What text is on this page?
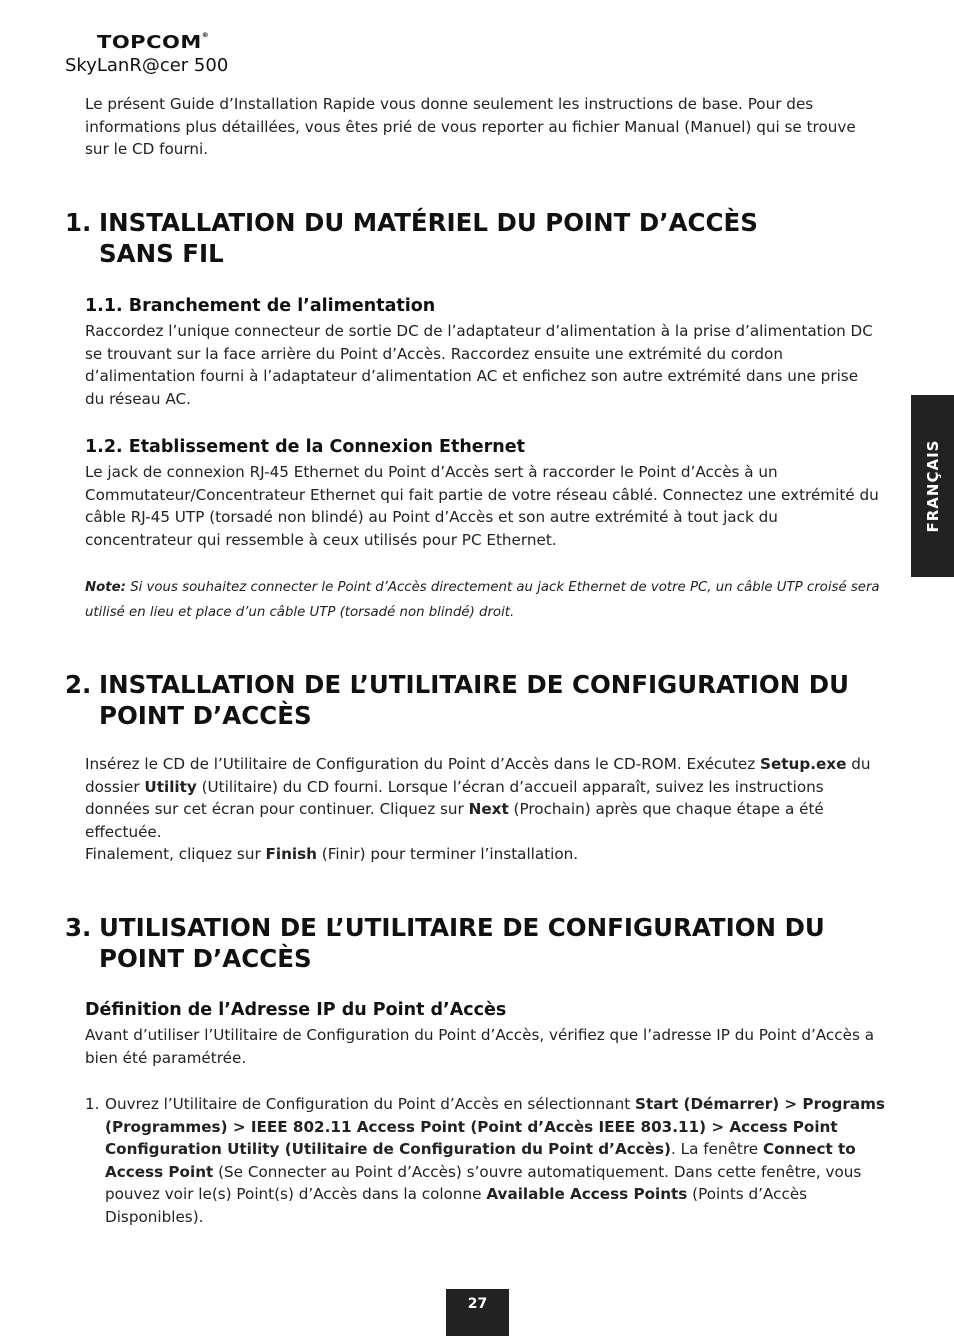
TOPCOM®
SkyLanR@cer 500
Le présent Guide d’Installation Rapide vous donne seulement les instructions de base. Pour des informations plus détaillées, vous êtes prié de vous reporter au fichier Manual (Manuel) qui se trouve sur le CD fourni.
1. INSTALLATION DU MATÉRIEL DU POINT D’ACCÈS
SANS FIL
1.1. Branchement de l’alimentation
Raccordez l’unique connecteur de sortie DC de l’adaptateur d’alimentation à la prise d’alimentation DC se trouvant sur la face arrière du Point d’Accès. Raccordez ensuite une extrémité du cordon d’alimentation fourni à l’adaptateur d’alimentation AC et enfichez son autre extrémité dans une prise du réseau AC.
1.2. Etablissement de la Connexion Ethernet
Le jack de connexion RJ-45 Ethernet du Point d’Accès sert à raccorder le Point d’Accès à un Commutateur/Concentrateur Ethernet qui fait partie de votre réseau câblé. Connectez une extrémité du câble RJ-45 UTP (torsadé non blindé) au Point d’Accès et son autre extrémité à tout jack du concentrateur qui ressemble à ceux utilisés pour PC Ethernet.
Note: Si vous souhaitez connecter le Point d’Accès directement au jack Ethernet de votre PC, un câble UTP croisé sera utilisé en lieu et place d’un câble UTP (torsadé non blindé) droit.
2. INSTALLATION DE L’UTILITAIRE DE CONFIGURATION DU
POINT D’ACCÈS
Insérez le CD de l’Utilitaire de Configuration du Point d’Accès dans le CD-ROM. Exécutez Setup.exe du dossier Utility (Utilitaire) du CD fourni. Lorsque l’écran d’accueil apparaît, suivez les instructions données sur cet écran pour continuer. Cliquez sur Next (Prochain) après que chaque étape a été effectuée.
Finalement, cliquez sur Finish (Finir) pour terminer l’installation.
3. UTILISATION DE L’UTILITAIRE DE CONFIGURATION DU
POINT D’ACCÈS
Définition de l’Adresse IP du Point d’Accès
Avant d’utiliser l’Utilitaire de Configuration du Point d’Accès, vérifiez que l’adresse IP du Point d’Accès a bien été paramétrée.
1. Ouvrez l’Utilitaire de Configuration du Point d’Accès en sélectionnant Start (Démarrer) > Programs (Programmes) > IEEE 802.11 Access Point (Point d’Accès IEEE 803.11) > Access Point Configuration Utility (Utilitaire de Configuration du Point d’Accès). La fenêtre Connect to Access Point (Se Connecter au Point d’Accès) s’ouvre automatiquement. Dans cette fenêtre, vous pouvez voir le(s) Point(s) d’Accès dans la colonne Available Access Points (Points d’Accès Disponibles).
FRANÇAIS
27
